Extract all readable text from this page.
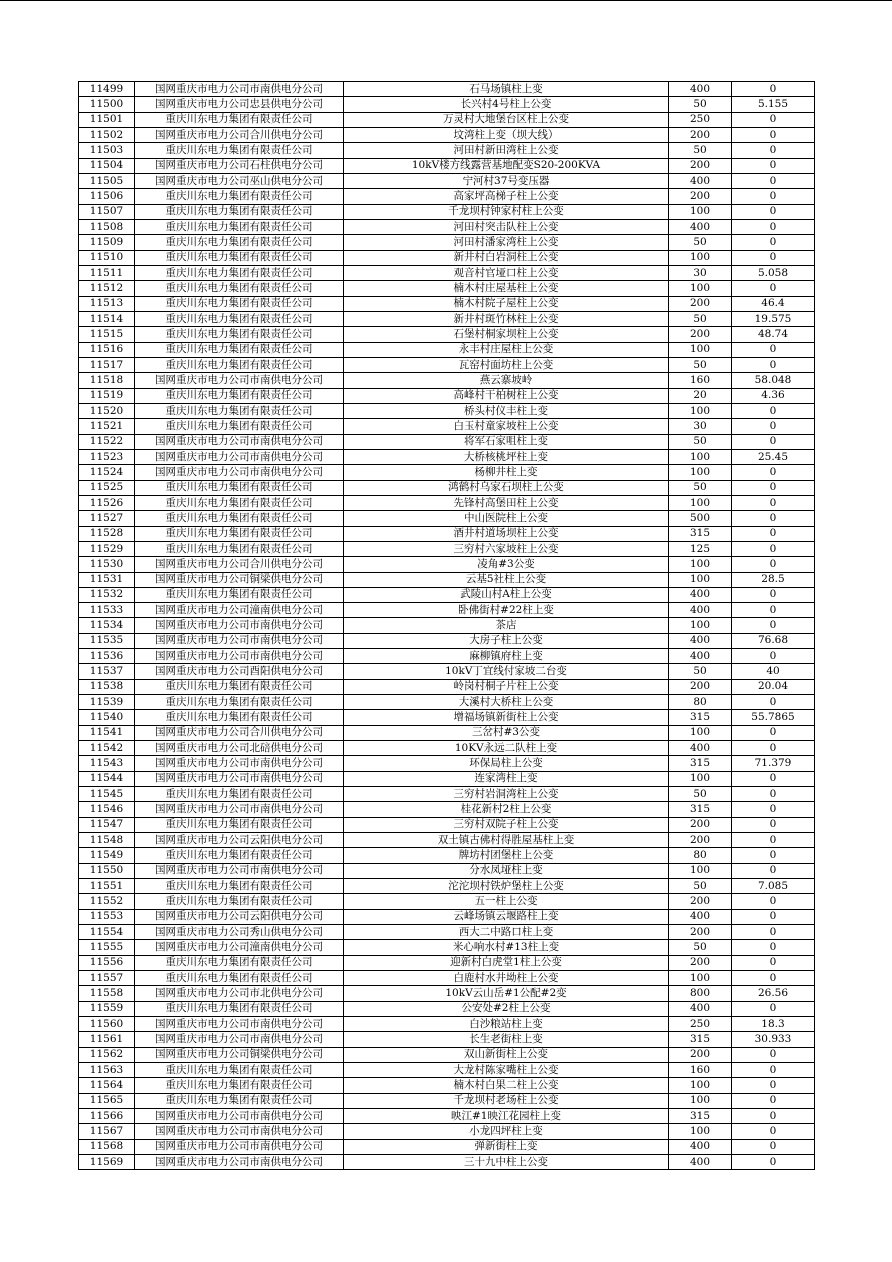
11499	国网重庆市电力公司市南供电分公司	石马场镇柱上变	400	0
11500	国网重庆市电力公司忠县供电分公司	长兴村4号柱上公变	50	5.155
11501	重庆川东电力集团有限责任公司	万灵村大地堡台区柱上公变	250	0
11502	国网重庆市电力公司合川供电分公司	坟湾柱上变（坝大线）	200	0
11503	重庆川东电力集团有限责任公司	河田村新田湾柱上公变	50	0
11504	国网重庆市电力公司石柱供电分公司	10kV楼方线露营基地配变S20-200KVA	200	0
11505	国网重庆市电力公司巫山供电分公司	宁河村37号变压器	400	0
11506	重庆川东电力集团有限责任公司	高家坪高梯子柱上公变	200	0
11507	重庆川东电力集团有限责任公司	千龙坝村钟家村柱上公变	100	0
11508	重庆川东电力集团有限责任公司	河田村突击队柱上公变	400	0
11509	重庆川东电力集团有限责任公司	河田村潘家湾柱上公变	50	0
11510	重庆川东电力集团有限责任公司	新井村白岩洞柱上公变	100	0
11511	重庆川东电力集团有限责任公司	观音村官垭口柱上公变	30	5.058
11512	重庆川东电力集团有限责任公司	楠木村庄屋基柱上公变	100	0
11513	重庆川东电力集团有限责任公司	楠木村院子屋柱上公变	200	46.4
11514	重庆川东电力集团有限责任公司	新井村斑竹林柱上公变	50	19.575
11515	重庆川东电力集团有限责任公司	石堡村桐家坝柱上公变	200	48.74
11516	重庆川东电力集团有限责任公司	永丰村庄屋柱上公变	100	0
11517	重庆川东电力集团有限责任公司	瓦窑村面坊柱上公变	50	0
11518	国网重庆市电力公司市南供电分公司	燕云寨坡岭	160	58.048
11519	重庆川东电力集团有限责任公司	高峰村干柏树柱上公变	20	4.36
11520	重庆川东电力集团有限责任公司	桥头村仪丰柱上变	100	0
11521	重庆川东电力集团有限责任公司	白玉村童家坡柱上公变	30	0
11522	国网重庆市电力公司市南供电分公司	将军石家咀柱上变	50	0
11523	国网重庆市电力公司市南供电分公司	大桥核桃坪柱上变	100	25.45
11524	国网重庆市电力公司市南供电分公司	杨柳井柱上变	100	0
11525	重庆川东电力集团有限责任公司	鸿鹤村乌家石坝柱上公变	50	0
11526	重庆川东电力集团有限责任公司	先锋村高堡田柱上公变	100	0
11527	重庆川东电力集团有限责任公司	中山医院柱上公变	500	0
11528	重庆川东电力集团有限责任公司	酒井村道场坝柱上公变	315	0
11529	重庆川东电力集团有限责任公司	三穷村六家坡柱上公变	125	0
11530	国网重庆市电力公司合川供电分公司	凌角#3公变	100	0
11531	国网重庆市电力公司铜梁供电分公司	云基5社柱上公变	100	28.5
11532	重庆川东电力集团有限责任公司	武陵山村A柱上公变	400	0
11533	国网重庆市电力公司潼南供电分公司	卧佛街村#22柱上变	400	0
11534	国网重庆市电力公司市南供电分公司	茶店	100	0
11535	国网重庆市电力公司市南供电分公司	大房子柱上公变	400	76.68
11536	国网重庆市电力公司市南供电分公司	麻柳镇府柱上变	400	0
11537	国网重庆市电力公司酉阳供电分公司	10kV丁宜线付家坡二台变	50	40
11538	重庆川东电力集团有限责任公司	岭岗村桐子片柱上公变	200	20.04
11539	重庆川东电力集团有限责任公司	大溪村大桥柱上公变	80	0
11540	重庆川东电力集团有限责任公司	增福场镇新街柱上公变	315	55.7865
11541	国网重庆市电力公司合川供电分公司	三岔村#3公变	100	0
11542	国网重庆市电力公司北碚供电分公司	10KV永远二队柱上变	400	0
11543	国网重庆市电力公司市南供电分公司	环保局柱上公变	315	71.379
11544	国网重庆市电力公司市南供电分公司	连家湾柱上变	100	0
11545	重庆川东电力集团有限责任公司	三穷村岩洞湾柱上公变	50	0
11546	国网重庆市电力公司市南供电分公司	桂花新村2柱上公变	315	0
11547	重庆川东电力集团有限责任公司	三穷村双院子柱上公变	200	0
11548	国网重庆市电力公司云阳供电分公司	双土镇古佛村得胜屋基柱上变	200	0
11549	重庆川东电力集团有限责任公司	牌坊村团堡柱上公变	80	0
11550	国网重庆市电力公司市南供电分公司	分水凤垭柱上变	100	0
11551	重庆川东电力集团有限责任公司	沱沱坝村铁炉堡柱上公变	50	7.085
11552	重庆川东电力集团有限责任公司	五一柱上公变	200	0
11553	国网重庆市电力公司云阳供电分公司	云峰场镇云堰路柱上变	400	0
11554	国网重庆市电力公司秀山供电分公司	西大二中路口柱上变	200	0
11555	国网重庆市电力公司潼南供电分公司	米心响水村#13柱上变	50	0
11556	重庆川东电力集团有限责任公司	迎新村白虎堂1柱上公变	200	0
11557	重庆川东电力集团有限责任公司	白鹿村水井坳柱上公变	100	0
11558	国网重庆市电力公司市北供电分公司	10kV云山岳#1公配#2变	800	26.56
11559	重庆川东电力集团有限责任公司	公安处#2柱上公变	400	0
11560	国网重庆市电力公司市南供电分公司	白沙粮站柱上变	250	18.3
11561	国网重庆市电力公司市南供电分公司	长生老街柱上变	315	30.933
11562	国网重庆市电力公司铜梁供电分公司	双山新街柱上公变	200	0
11563	重庆川东电力集团有限责任公司	大龙村陈家嘴柱上公变	160	0
11564	重庆川东电力集团有限责任公司	楠木村白果二柱上公变	100	0
11565	重庆川东电力集团有限责任公司	千龙坝村老场柱上公变	100	0
11566	国网重庆市电力公司市南供电分公司	映江#1映江花园柱上变	315	0
11567	国网重庆市电力公司市南供电分公司	小龙四坪柱上变	100	0
11568	国网重庆市电力公司市南供电分公司	弹新街柱上变	400	0
11569	国网重庆市电力公司市南供电分公司	三十九中柱上公变	400	0
